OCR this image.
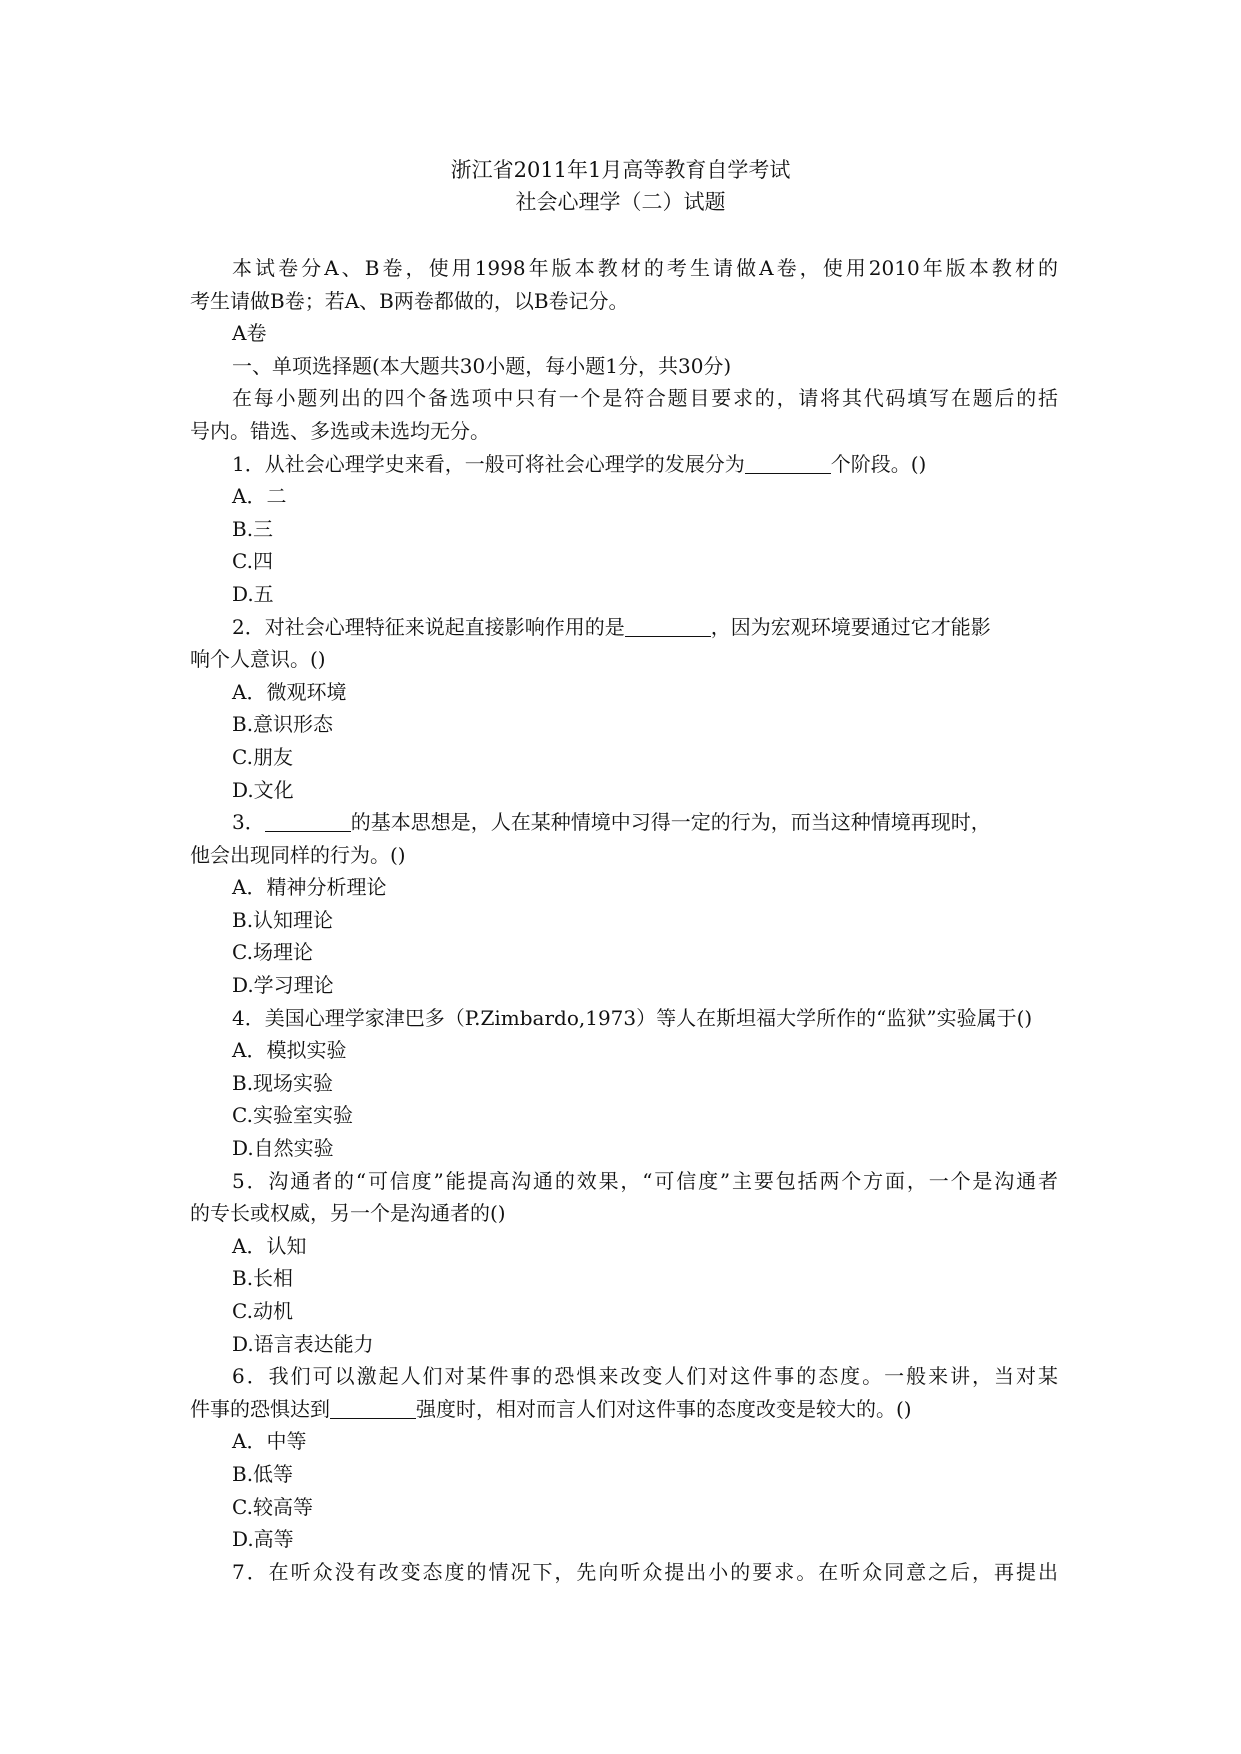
浙江省2011年1月高等教育自学考试
社会心理学（二）试题
本试卷分A、B卷，使用1998年版本教材的考生请做A卷，使用2010年版本教材的
考生请做B卷；若A、B两卷都做的，以B卷记分。
A卷
一、单项选择题(本大题共30小题，每小题1分，共30分)
在每小题列出的四个备选项中只有一个是符合题目要求的，请将其代码填写在题后的括
号内。错选、多选或未选均无分。
1．从社会心理学史来看，一般可将社会心理学的发展分为	个阶段。()
A．二
B.三
C.四
D.五
2．对社会心理特征来说起直接影响作用的是	，因为宏观环境要通过它才能影
响个人意识。()
A．微观环境
B.意识形态
C.朋友
D.文化
3．	的基本思想是，人在某种情境中习得一定的行为，而当这种情境再现时，
他会出现同样的行为。()
A．精神分析理论
B.认知理论
C.场理论
D.学习理论
4．美国心理学家津巴多（P.Zimbardo,1973）等人在斯坦福大学所作的“监狱”实验属于()
A．模拟实验
B.现场实验
C.实验室实验
D.自然实验
5．沟通者的“可信度”能提高沟通的效果，“可信度”主要包括两个方面，一个是沟通者
的专长或权威，另一个是沟通者的()
A．认知
B.长相
C.动机
D.语言表达能力
6．我们可以激起人们对某件事的恐惧来改变人们对这件事的态度。一般来讲，当对某
件事的恐惧达到	强度时，相对而言人们对这件事的态度改变是较大的。()
A．中等
B.低等
C.较高等
D.高等
7．在听众没有改变态度的情况下，先向听众提出小的要求。在听众同意之后，再提出
